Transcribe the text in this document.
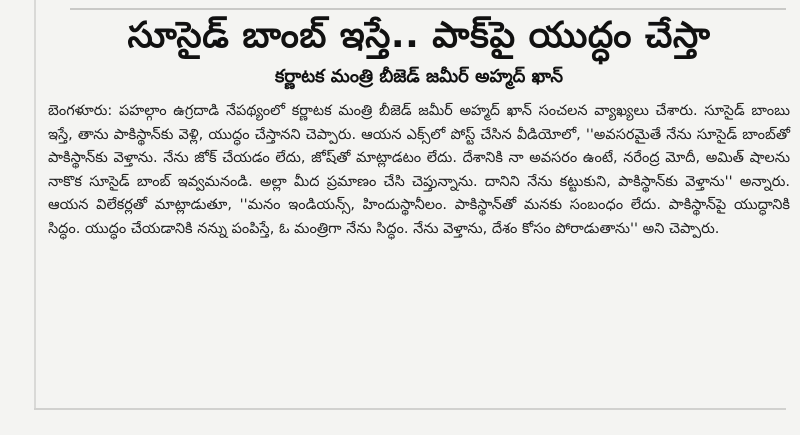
సూసైడ్ బాంబ్ ఇస్తే.. పాక్‌పై యుద్ధం చేస్తా
కర్ణాటక మంత్రి బీజెడ్ జమీర్ అహ్మద్ ఖాన్

బెంగళూరు: పహల్గాం ఉగ్రదాడి నేపథ్యంలో కర్ణాటక మంత్రి బీజెడ్ జమీర్ అహ్మద్ ఖాన్ సంచలన వ్యాఖ్యలు చేశారు. సూసైడ్ బాంబు ఇస్తే, తాను పాకిస్థాన్‌కు వెళ్లి, యుద్ధం చేస్తానని చెప్పారు. ఆయన ఎక్స్‌లో పోస్ట్ చేసిన వీడియోలో, ''అవసరమైతే నేను సూసైడ్ బాంబ్‌తో పాకిస్థాన్‌కు వెళ్తాను. నేను జోక్ చేయడం లేదు, జోష్‌తో మాట్లాడటం లేదు. దేశానికి నా అవసరం ఉంటే, నరేంద్ర మోదీ, అమిత్ షాలను నాకొక సూసైడ్ బాంబ్ ఇవ్వమనండి. అల్లా మీద ప్రమాణం చేసి చెప్తున్నాను. దానిని నేను కట్టుకుని, పాకిస్థాన్‌కు వెళ్తాను'' అన్నారు. ఆయన విలేకర్లతో మాట్లాడుతూ, ''మనం ఇండియన్స్, హిందుస్థానీలం. పాకిస్థాన్‌తో మనకు సంబంధం లేదు. పాకిస్థాన్‌పై యుద్ధానికి సిద్ధం. యుద్ధం చేయడానికి నన్ను పంపిస్తే, ఓ మంత్రిగా నేను సిద్ధం. నేను వెళ్తాను, దేశం కోసం పోరాడుతాను'' అని చెప్పారు.
